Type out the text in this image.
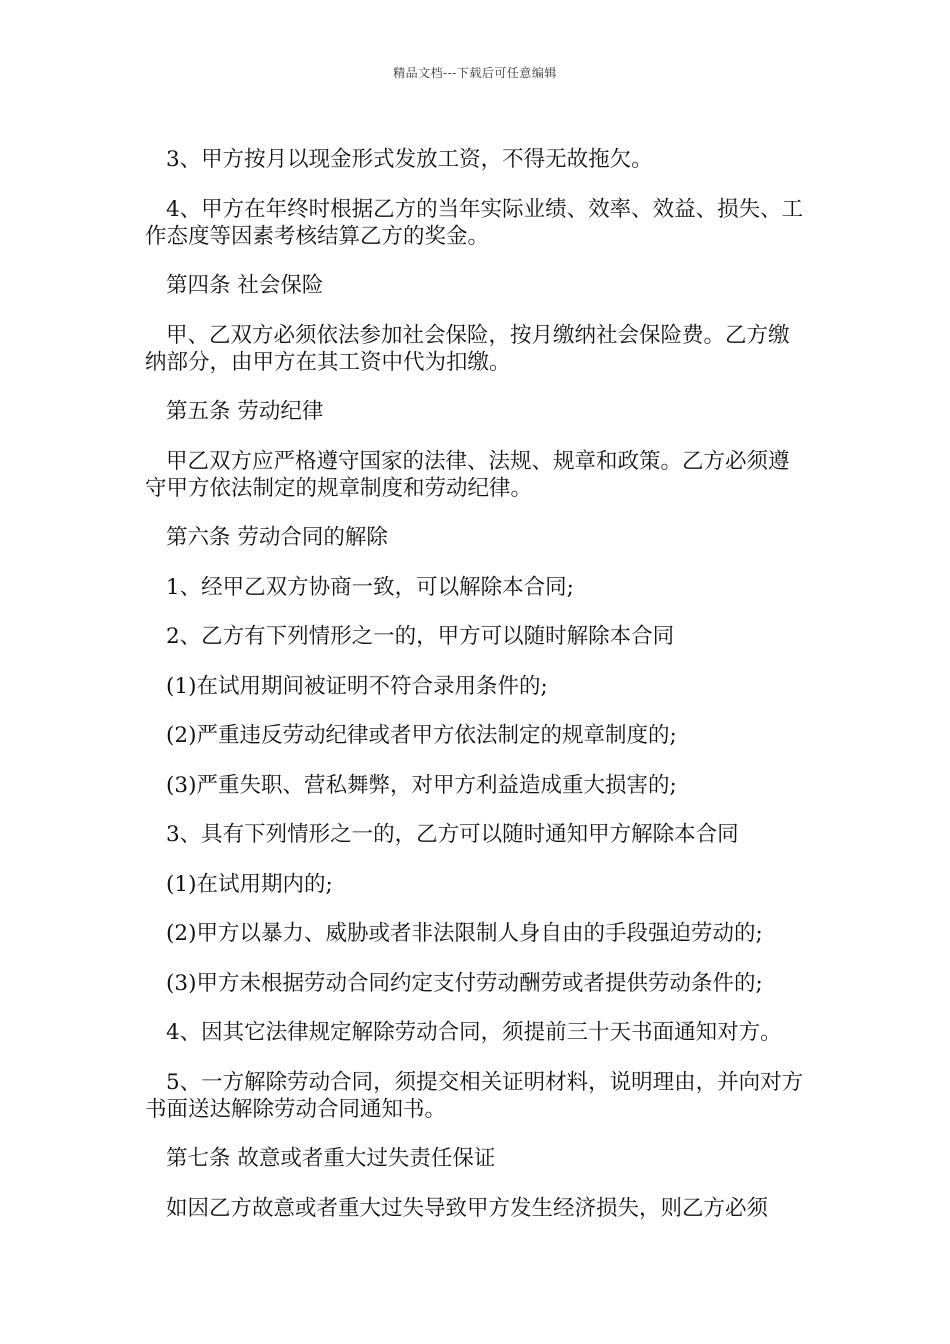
精品文档---下载后可任意编辑

3、甲方按月以现金形式发放工资，不得无故拖欠。

4、甲方在年终时根据乙方的当年实际业绩、效率、效益、损失、工作态度等因素考核结算乙方的奖金。

第四条 社会保险

甲、乙双方必须依法参加社会保险，按月缴纳社会保险费。乙方缴纳部分，由甲方在其工资中代为扣缴。

第五条 劳动纪律

甲乙双方应严格遵守国家的法律、法规、规章和政策。乙方必须遵守甲方依法制定的规章制度和劳动纪律。

第六条 劳动合同的解除

1、经甲乙双方协商一致，可以解除本合同;

2、乙方有下列情形之一的，甲方可以随时解除本合同

(1)在试用期间被证明不符合录用条件的;

(2)严重违反劳动纪律或者甲方依法制定的规章制度的;

(3)严重失职、营私舞弊，对甲方利益造成重大损害的;

3、具有下列情形之一的，乙方可以随时通知甲方解除本合同

(1)在试用期内的;

(2)甲方以暴力、威胁或者非法限制人身自由的手段强迫劳动的;

(3)甲方未根据劳动合同约定支付劳动酬劳或者提供劳动条件的;

4、因其它法律规定解除劳动合同，须提前三十天书面通知对方。

5、一方解除劳动合同，须提交相关证明材料，说明理由，并向对方书面送达解除劳动合同通知书。

第七条 故意或者重大过失责任保证

如因乙方故意或者重大过失导致甲方发生经济损失，则乙方必须
